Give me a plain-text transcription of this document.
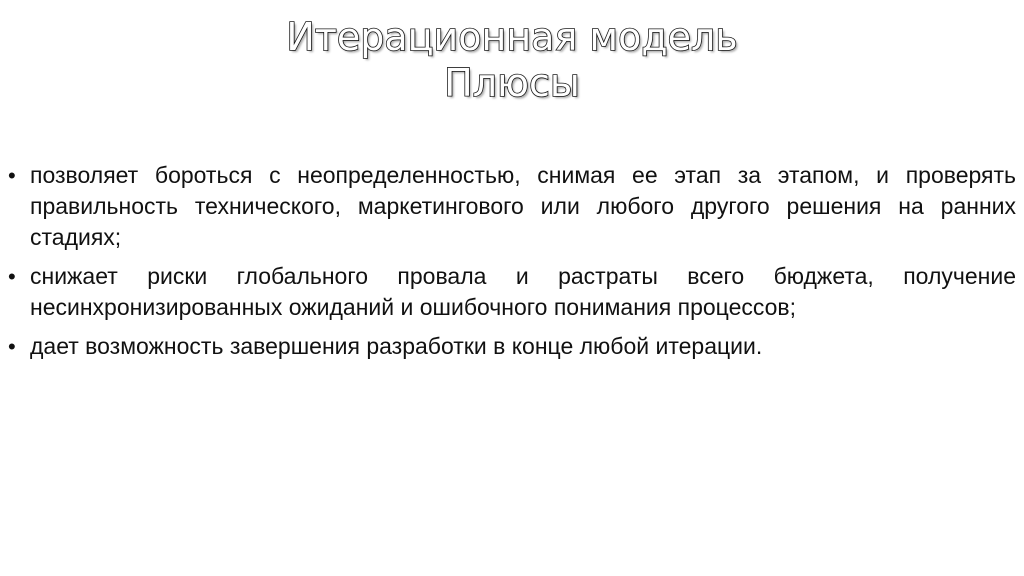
Итерационная модель
Плюсы
• позволяет бороться с неопределенностью, снимая ее этап за этапом, и проверять правильность технического, маркетингового или любого другого решения на ранних стадиях;
• снижает риски глобального провала и растраты всего бюджета, получение несинхронизированных ожиданий и ошибочного понимания процессов;
• дает возможность завершения разработки в конце любой итерации.
